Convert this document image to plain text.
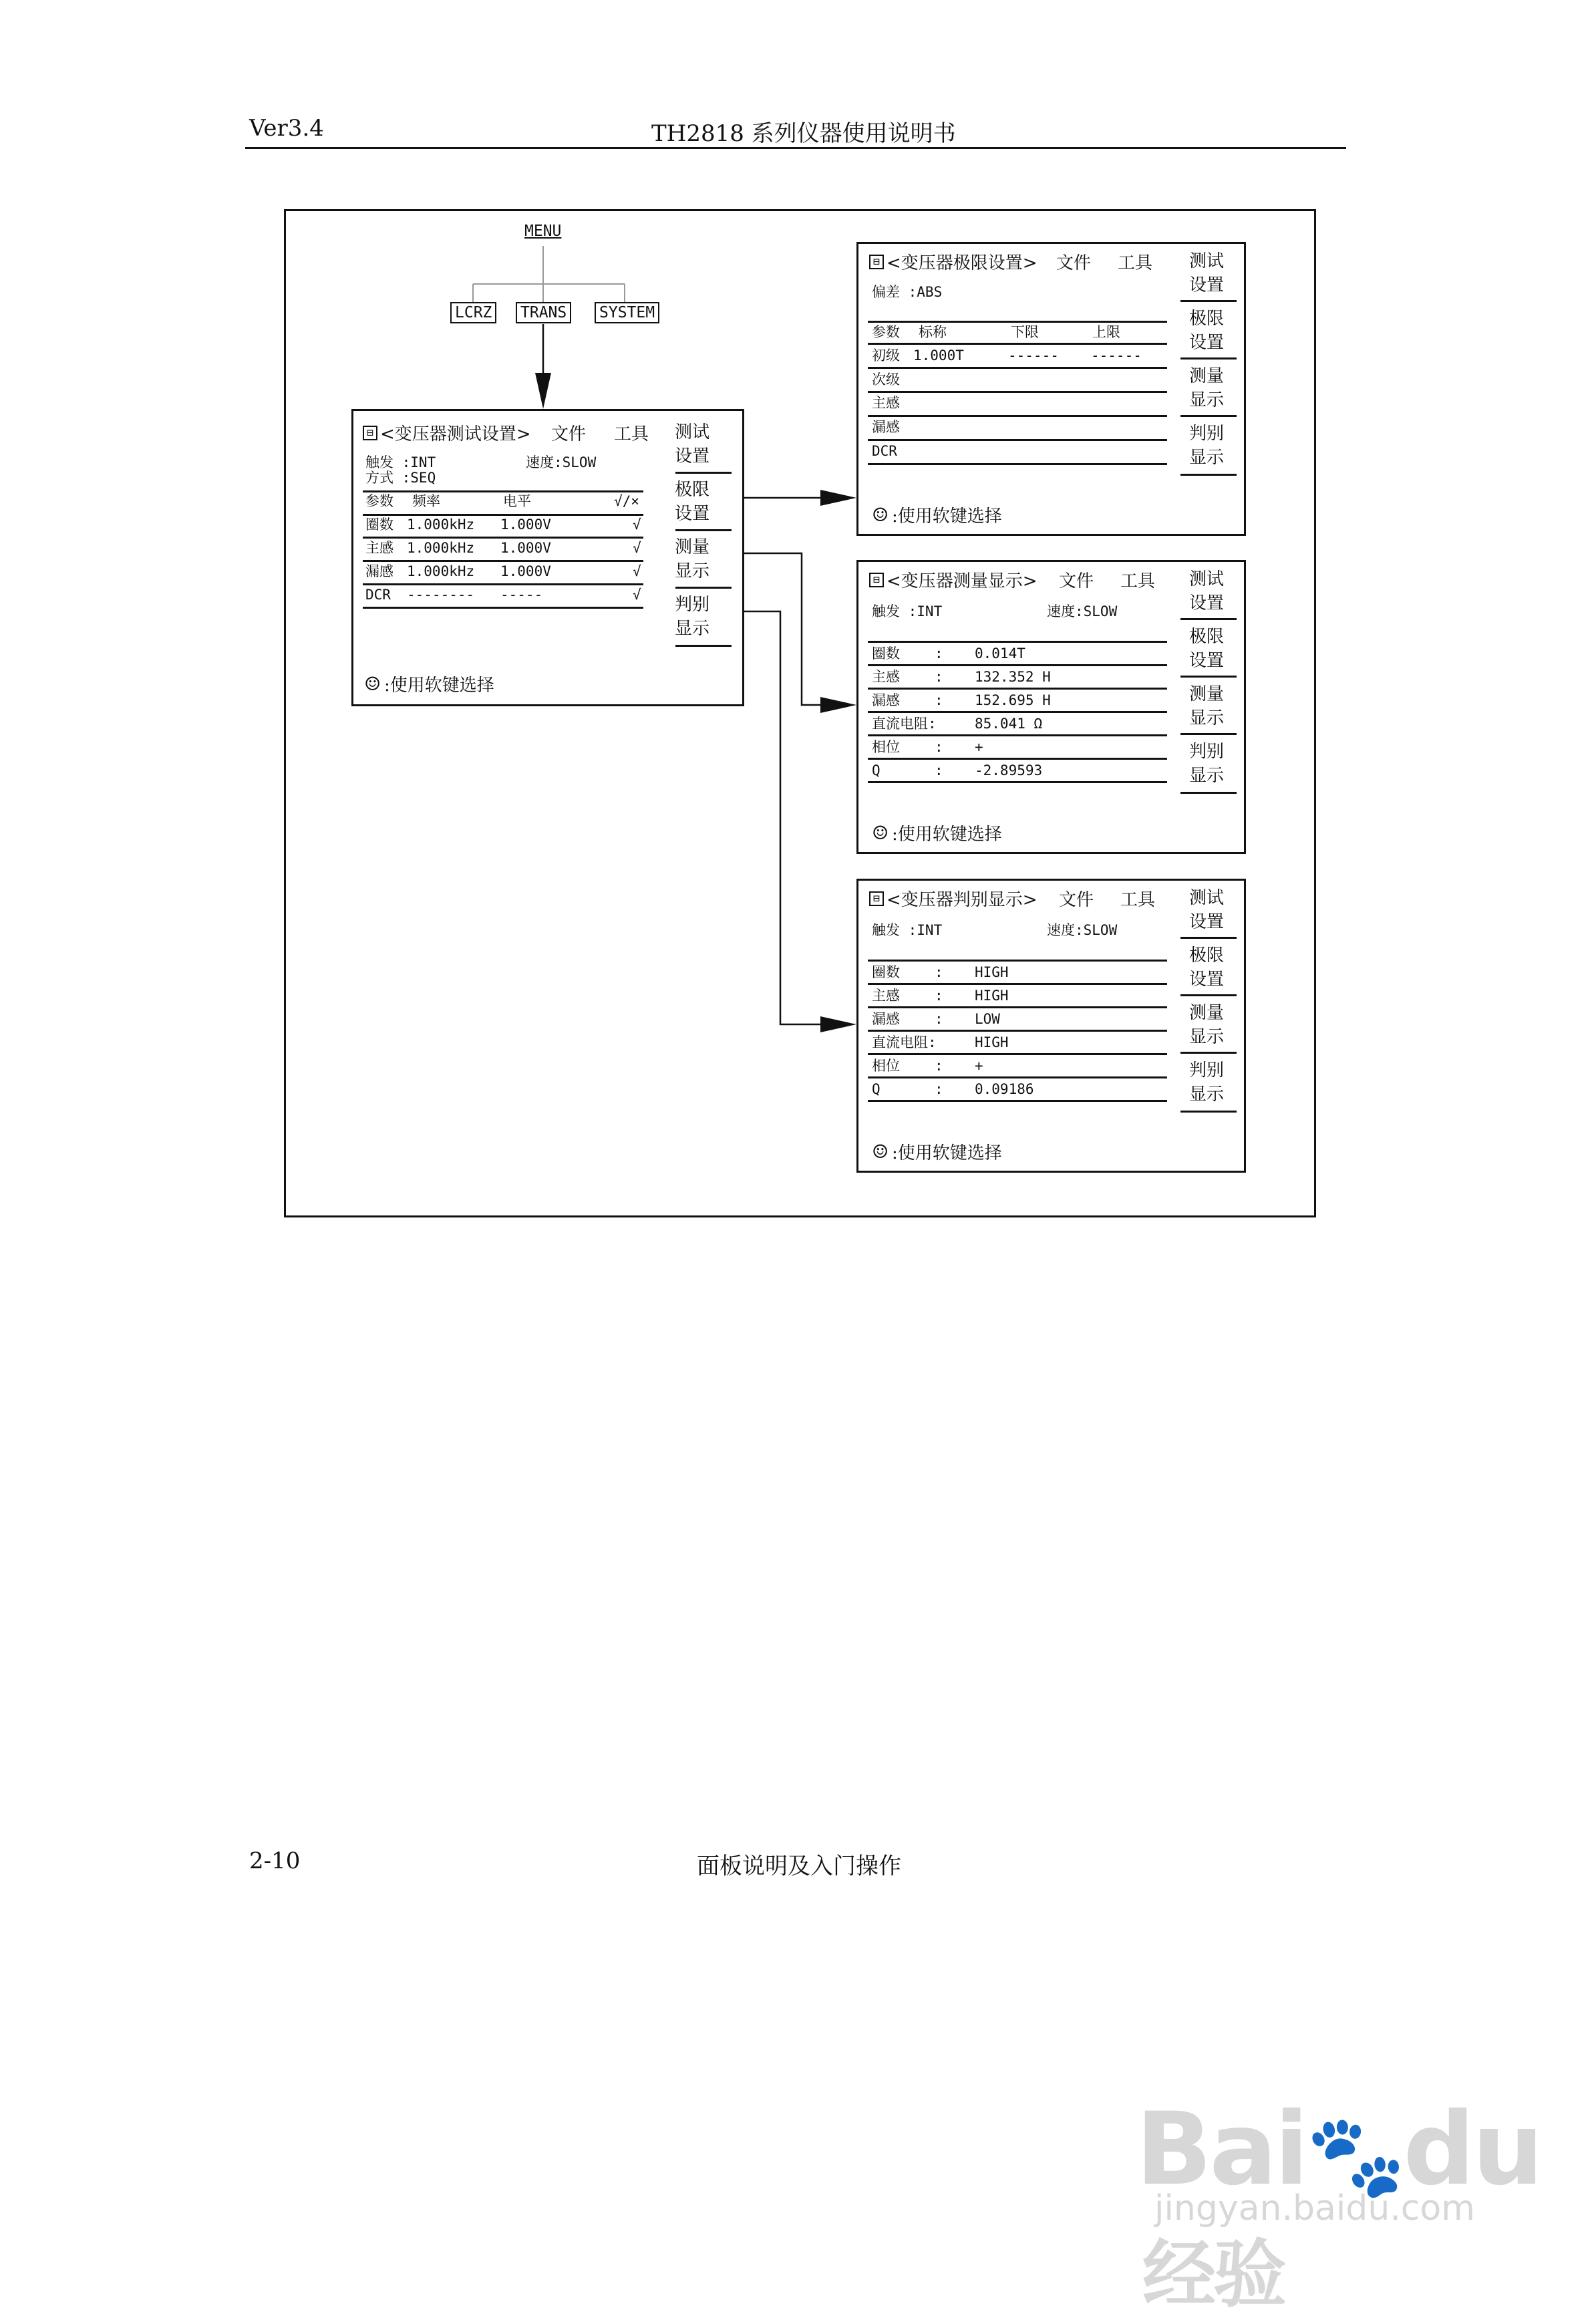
Ver3.4	TH2818 系列仪器使用说明书
MENU
LCRZ	TRANS	SYSTEM
⊟ <变压器测试设置> 文件 工具
触发 :INT	速度:SLOW
方式 :SEQ
参数 频率	电平	√/×
圈数 1.000kHz 1.000V	√
主感 1.000kHz 1.000V	√
漏感 1.000kHz 1.000V	√
DCR -------- -----	√
☺ :使用软键选择
测试
设置
极限
设置
测量
显示
判别
显示
⊟ <变压器极限设置> 文件 工具
偏差 :ABS
参数 标称	下限	上限
初级 1.000T	------ ------
次级
主感
漏感
DCR
☺ :使用软键选择
测试
设置
极限
设置
测量
显示
判别
显示
⊟ <变压器测量显示> 文件 工具
触发 :INT	速度:SLOW
圈数 : 0.014T
主感 : 132.352 H
漏感 : 152.695 H
直流电阻:	85.041 Ω
相位 : +
Q	: -2.89593
☺ :使用软键选择
测试
设置
极限
设置
测量
显示
判别
显示
⊟ <变压器判别显示> 文件 工具
触发 :INT	速度:SLOW
圈数 : HIGH
主感 : HIGH
漏感 : LOW
直流电阻:	HIGH
相位 : +
Q	: 0.09186
☺ :使用软键选择
测试
设置
极限
设置
测量
显示
判别
显示
2-10	面板说明及入门操作
Bai🐾du经验
jingyan.baidu.com
